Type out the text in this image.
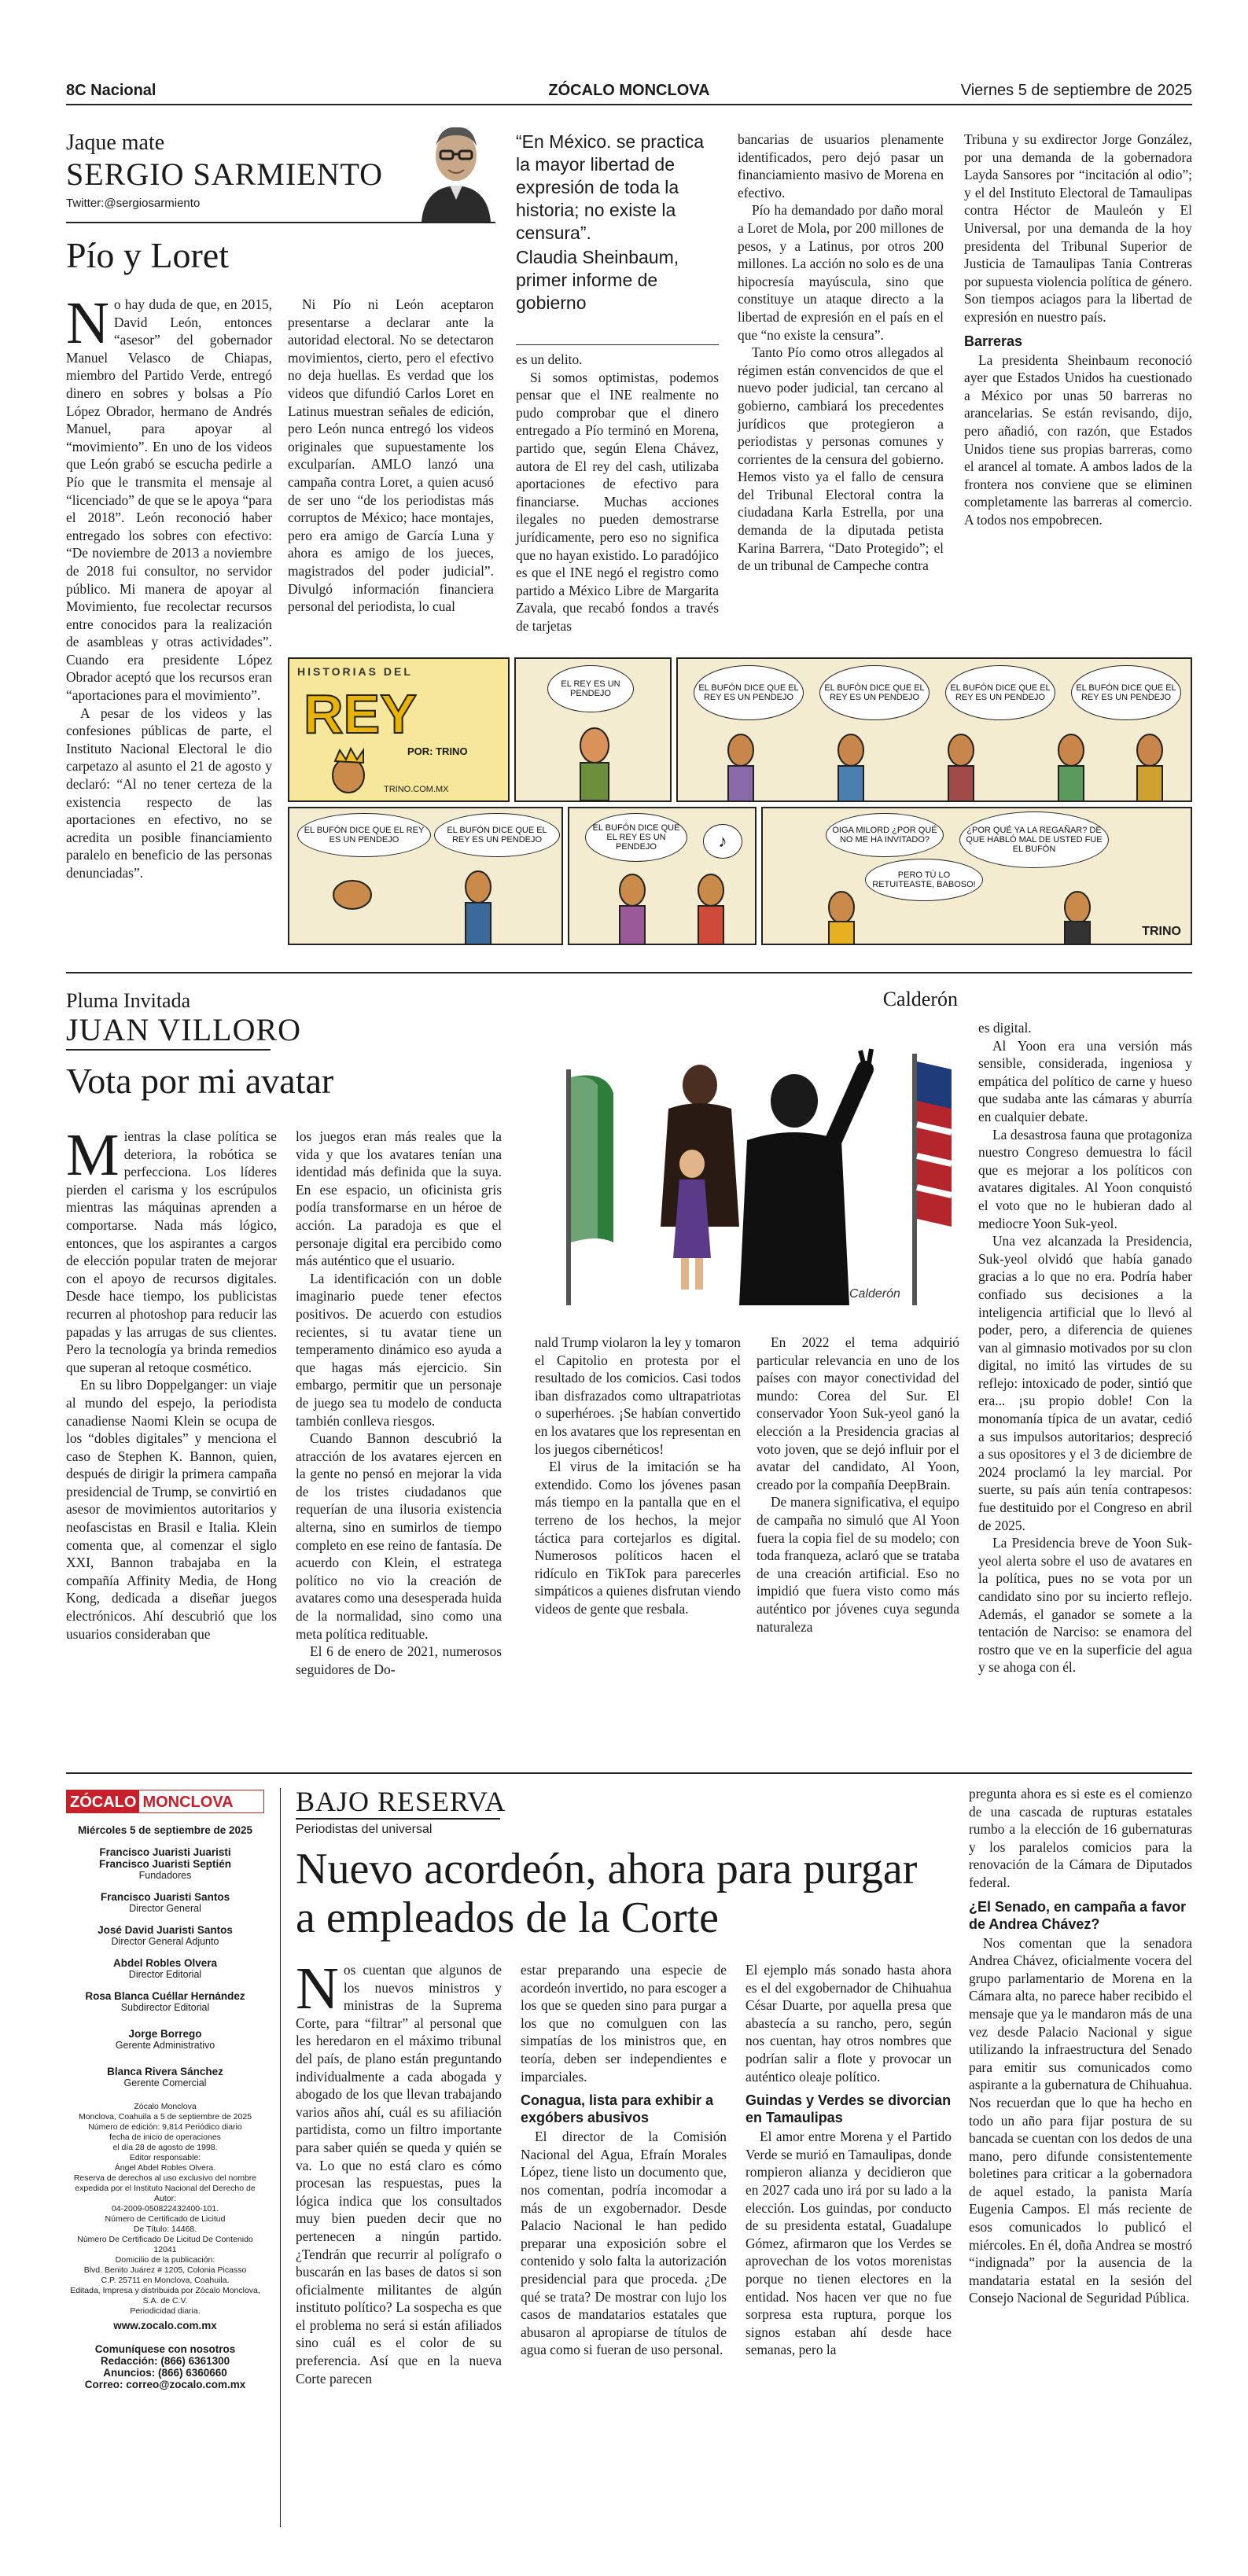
8C Nacional	ZÓCALO MONCLOVA	Viernes 5 de septiembre de 2025
Jaque mate
SERGIO SARMIENTO
Twitter:@sergiosarmiento
Pío y Loret

No hay duda de que, en 2015, David León, entonces “asesor” del gobernador Manuel Velasco de Chiapas, miembro del Partido Verde, entregó dinero en sobres y bolsas a Pío López Obrador, hermano de Andrés Manuel, para apoyar al “movimiento”. En uno de los videos que León grabó se escucha pedirle a Pío que le transmita el mensaje al “licenciado” de que se le apoya “para el 2018”. León reconoció haber entregado los sobres con efectivo: “De noviembre de 2013 a noviembre de 2018 fui consultor, no servidor público. Mi manera de apoyar al Movimiento, fue recolectar recursos entre conocidos para la realización de asambleas y otras actividades”. Cuando era presidente López Obrador aceptó que los recursos eran “aportaciones para el movimiento”.

A pesar de los videos y las confesiones públicas de parte, el Instituto Nacional Electoral le dio carpetazo al asunto el 21 de agosto y declaró: “Al no tener certeza de la existencia respecto de las aportaciones en efectivo, no se acredita un posible financiamiento paralelo en beneficio de las personas denunciadas”.

Ni Pío ni León aceptaron presentarse a declarar ante la autoridad electoral. No se detectaron movimientos, cierto, pero el efectivo no deja huellas. Es verdad que los videos que difundió Carlos Loret en Latinus muestran señales de edición, pero León nunca entregó los videos originales que supuestamente los exculparían. AMLO lanzó una campaña contra Loret, a quien acusó de ser uno “de los periodistas más corruptos de México; hace montajes, pero era amigo de García Luna y ahora es amigo de los jueces, magistrados del poder judicial”. Divulgó información financiera personal del periodista, lo cual

“En México. se practica la mayor libertad de expresión de toda la historia; no existe la censura”.
Claudia Sheinbaum, primer informe de gobierno

es un delito.

Si somos optimistas, podemos pensar que el INE realmente no pudo comprobar que el dinero entregado a Pío terminó en Morena, partido que, según Elena Chávez, autora de El rey del cash, utilizaba aportaciones de efectivo para financiarse. Muchas acciones ilegales no pueden demostrarse jurídicamente, pero eso no significa que no hayan existido. Lo paradójico es que el INE negó el registro como partido a México Libre de Margarita Zavala, que recabó fondos a través de tarjetas

bancarias de usuarios plenamente identificados, pero dejó pasar un financiamiento masivo de Morena en efectivo.

Pío ha demandado por daño moral a Loret de Mola, por 200 millones de pesos, y a Latinus, por otros 200 millones. La acción no solo es de una hipocresía mayúscula, sino que constituye un ataque directo a la libertad de expresión en el país en el que “no existe la censura”.

Tanto Pío como otros allegados al régimen están convencidos de que el nuevo poder judicial, tan cercano al gobierno, cambiará los precedentes jurídicos que protegieron a periodistas y personas comunes y corrientes de la censura del gobierno. Hemos visto ya el fallo de censura del Tribunal Electoral contra la ciudadana Karla Estrella, por una demanda de la diputada petista Karina Barrera, “Dato Protegido”; el de un tribunal de Campeche contra

Tribuna y su exdirector Jorge González, por una demanda de la gobernadora Layda Sansores por “incitación al odio”; y el del Instituto Electoral de Tamaulipas contra Héctor de Mauleón y El Universal, por una demanda de la hoy presidenta del Tribunal Superior de Justicia de Tamaulipas Tania Contreras por supuesta violencia política de género. Son tiempos aciagos para la libertad de expresión en nuestro país.

Barreras

La presidenta Sheinbaum reconoció ayer que Estados Unidos ha cuestionado a México por unas 50 barreras no arancelarias. Se están revisando, dijo, pero añadió, con razón, que Estados Unidos tiene sus propias barreras, como el arancel al tomate. A ambos lados de la frontera nos conviene que se eliminen completamente las barreras al comercio. A todos nos empobrecen.

HISTORIAS DEL
REY
POR: TRINO
TRINO.COM.MX
EL REY ES UN PENDEJO
EL BUFÓN DICE QUE EL REY ES UN PENDEJO
EL BUFÓN DICE QUE EL REY ES UN PENDEJO
EL BUFÓN DICE QUE EL REY ES UN PENDEJO
EL BUFÓN DICE QUE EL REY ES UN PENDEJO
EL BUFÓN DICE QUE EL REY ES UN PENDEJO
EL BUFÓN DICE QUE EL REY ES UN PENDEJO
EL BUFÓN DICE QUE EL REY ES UN PENDEJO	♪
OIGA MILORD ¿POR QUÉ NO ME HA INVITADO?
¿POR QUÉ YA LA REGAÑAR? DE QUE HABLÓ MAL DE USTED FUE EL BUFÓN
PERO TÚ LO RETUITEASTE, BABOSO!
TRINO
Pluma Invitada
JUAN VILLORO
Vota por mi avatar

Mientras la clase política se deteriora, la robótica se perfecciona. Los líderes pierden el carisma y los escrúpulos mientras las máquinas aprenden a comportarse. Nada más lógico, entonces, que los aspirantes a cargos de elección popular traten de mejorar con el apoyo de recursos digitales. Desde hace tiempo, los publicistas recurren al photoshop para reducir las papadas y las arrugas de sus clientes. Pero la tecnología ya brinda remedios que superan al retoque cosmético.

En su libro Doppelganger: un viaje al mundo del espejo, la periodista canadiense Naomi Klein se ocupa de los “dobles digitales” y menciona el caso de Stephen K. Bannon, quien, después de dirigir la primera campaña presidencial de Trump, se convirtió en asesor de movimientos autoritarios y neofascistas en Brasil e Italia. Klein comenta que, al comenzar el siglo XXI, Bannon trabajaba en la compañía Affinity Media, de Hong Kong, dedicada a diseñar juegos electrónicos. Ahí descubrió que los usuarios consideraban que

los juegos eran más reales que la vida y que los avatares tenían una identidad más definida que la suya. En ese espacio, un oficinista gris podía transformarse en un héroe de acción. La paradoja es que el personaje digital era percibido como más auténtico que el usuario.

La identificación con un doble imaginario puede tener efectos positivos. De acuerdo con estudios recientes, si tu avatar tiene un temperamento dinámico eso ayuda a que hagas más ejercicio. Sin embargo, permitir que un personaje de juego sea tu modelo de conducta también conlleva riesgos.

Cuando Bannon descubrió la atracción de los avatares ejercen en la gente no pensó en mejorar la vida de los tristes ciudadanos que requerían de una ilusoria existencia alterna, sino en sumirlos de tiempo completo en ese reino de fantasía. De acuerdo con Klein, el estratega político no vio la creación de avatares como una desesperada huida de la normalidad, sino como una meta política redituable.

El 6 de enero de 2021, numerosos seguidores de Do-

Calderón
Calderón

nald Trump violaron la ley y tomaron el Capitolio en protesta por el resultado de los comicios. Casi todos iban disfrazados como ultrapatriotas o superhéroes. ¡Se habían convertido en los avatares que los representan en los juegos cibernéticos!

El virus de la imitación se ha extendido. Como los jóvenes pasan más tiempo en la pantalla que en el terreno de los hechos, la mejor táctica para cortejarlos es digital. Numerosos políticos hacen el ridículo en TikTok para parecerles simpáticos a quienes disfrutan viendo videos de gente que resbala.

En 2022 el tema adquirió particular relevancia en uno de los países con mayor conectividad del mundo: Corea del Sur. El conservador Yoon Suk-yeol ganó la elección a la Presidencia gracias al voto joven, que se dejó influir por el avatar del candidato, Al Yoon, creado por la compañía DeepBrain.

De manera significativa, el equipo de campaña no simuló que Al Yoon fuera la copia fiel de su modelo; con toda franqueza, aclaró que se trataba de una creación artificial. Eso no impidió que fuera visto como más auténtico por jóvenes cuya segunda naturaleza

es digital.

Al Yoon era una versión más sensible, considerada, ingeniosa y empática del político de carne y hueso que sudaba ante las cámaras y aburría en cualquier debate.

La desastrosa fauna que protagoniza nuestro Congreso demuestra lo fácil que es mejorar a los políticos con avatares digitales. Al Yoon conquistó el voto que no le hubieran dado al mediocre Yoon Suk-yeol.

Una vez alcanzada la Presidencia, Suk-yeol olvidó que había ganado gracias a lo que no era. Podría haber confiado sus decisiones a la inteligencia artificial que lo llevó al poder, pero, a diferencia de quienes van al gimnasio motivados por su clon digital, no imitó las virtudes de su reflejo: intoxicado de poder, sintió que era... ¡su propio doble! Con la monomanía típica de un avatar, cedió a sus impulsos autoritarios; despreció a sus opositores y el 3 de diciembre de 2024 proclamó la ley marcial. Por suerte, su país aún tenía contrapesos: fue destituido por el Congreso en abril de 2025.

La Presidencia breve de Yoon Suk-yeol alerta sobre el uso de avatares en la política, pues no se vota por un candidato sino por su incierto reflejo. Además, el ganador se somete a la tentación de Narciso: se enamora del rostro que ve en la superficie del agua y se ahoga con él.

ZÓCALO MONCLOVA
Miércoles 5 de septiembre de 2025
Francisco Juaristi Juaristi
Francisco Juaristi Septién
Fundadores
Francisco Juaristi Santos
Director General
José David Juaristi Santos
Director General Adjunto
Abdel Robles Olvera
Director Editorial
Rosa Blanca Cuéllar Hernández
Subdirector Editorial
Jorge Borrego
Gerente Administrativo
Blanca Rivera Sánchez
Gerente Comercial
Zócalo Monclova
Monclova, Coahuila a 5 de septiembre de 2025
Número de edición: 9,814 Periódico diario
fecha de inicio de operaciones
el día 28 de agosto de 1998.
Editor responsable:
Ángel Abdel Robles Olvera.
Reserva de derechos al uso exclusivo del nombre
expedida por el Instituto Nacional del Derecho de Autor:
04-2009-050822432400-101.
Número de Certificado de Licitud
De Título: 14468.
Número De Certificado De Licitud De Contenido
12041
Domicilio de la publicación:
Blvd. Benito Juárez # 1205, Colonia Picasso
C.P. 25711 en Monclova, Coahuila.
Editada, Impresa y distribuida por Zócalo Monclova,
S.A. de C.V.
Periodicidad diaria.
www.zocalo.com.mx
Comuníquese con nosotros
Redacción: (866) 6361300
Anuncios: (866) 6360660
Correo: correo@zocalo.com.mx
BAJO RESERVA
Periodistas del universal
Nuevo acordeón, ahora para purgar a empleados de la Corte

Nos cuentan que algunos de los nuevos ministros y ministras de la Suprema Corte, para “filtrar” al personal que les heredaron en el máximo tribunal del país, de plano están preguntando individualmente a cada abogada y abogado de los que llevan trabajando varios años ahí, cuál es su afiliación partidista, como un filtro importante para saber quién se queda y quién se va. Lo que no está claro es cómo procesan las respuestas, pues la lógica indica que los consultados muy bien pueden decir que no pertenecen a ningún partido. ¿Tendrán que recurrir al polígrafo o buscarán en las bases de datos si son oficialmente militantes de algún instituto político? La sospecha es que el problema no será si están afiliados sino cuál es el color de su preferencia. Así que en la nueva Corte parecen

estar preparando una especie de acordeón invertido, no para escoger a los que se queden sino para purgar a los que no comulguen con las simpatías de los ministros que, en teoría, deben ser independientes e imparciales.

Conagua, lista para exhibir a exgóbers abusivos

El director de la Comisión Nacional del Agua, Efraín Morales López, tiene listo un documento que, nos comentan, podría incomodar a más de un exgobernador. Desde Palacio Nacional le han pedido preparar una exposición sobre el contenido y solo falta la autorización presidencial para que proceda. ¿De qué se trata? De mostrar con lujo los casos de mandatarios estatales que abusaron al apropiarse de títulos de agua como si fueran de uso personal.

El ejemplo más sonado hasta ahora es el del exgobernador de Chihuahua César Duarte, por aquella presa que abastecía a su rancho, pero, según nos cuentan, hay otros nombres que podrían salir a flote y provocar un auténtico oleaje político.

Guindas y Verdes se divorcian en Tamaulipas

El amor entre Morena y el Partido Verde se murió en Tamaulipas, donde rompieron alianza y decidieron que en 2027 cada uno irá por su lado a la elección. Los guindas, por conducto de su presidenta estatal, Guadalupe Gómez, afirmaron que los Verdes se aprovechan de los votos morenistas porque no tienen electores en la entidad. Nos hacen ver que no fue sorpresa esta ruptura, porque los signos estaban ahí desde hace semanas, pero la

pregunta ahora es si este es el comienzo de una cascada de rupturas estatales rumbo a la elección de 16 gubernaturas y los paralelos comicios para la renovación de la Cámara de Diputados federal.

¿El Senado, en campaña a favor de Andrea Chávez?

Nos comentan que la senadora Andrea Chávez, oficialmente vocera del grupo parlamentario de Morena en la Cámara alta, no parece haber recibido el mensaje que ya le mandaron más de una vez desde Palacio Nacional y sigue utilizando la infraestructura del Senado para emitir sus comunicados como aspirante a la gubernatura de Chihuahua. Nos recuerdan que lo que ha hecho en todo un año para fijar postura de su bancada se cuentan con los dedos de una mano, pero difunde consistentemente boletines para criticar a la gobernadora de aquel estado, la panista María Eugenia Campos. El más reciente de esos comunicados lo publicó el miércoles. En él, doña Andrea se mostró “indignada” por la ausencia de la mandataria estatal en la sesión del Consejo Nacional de Seguridad Pública.
